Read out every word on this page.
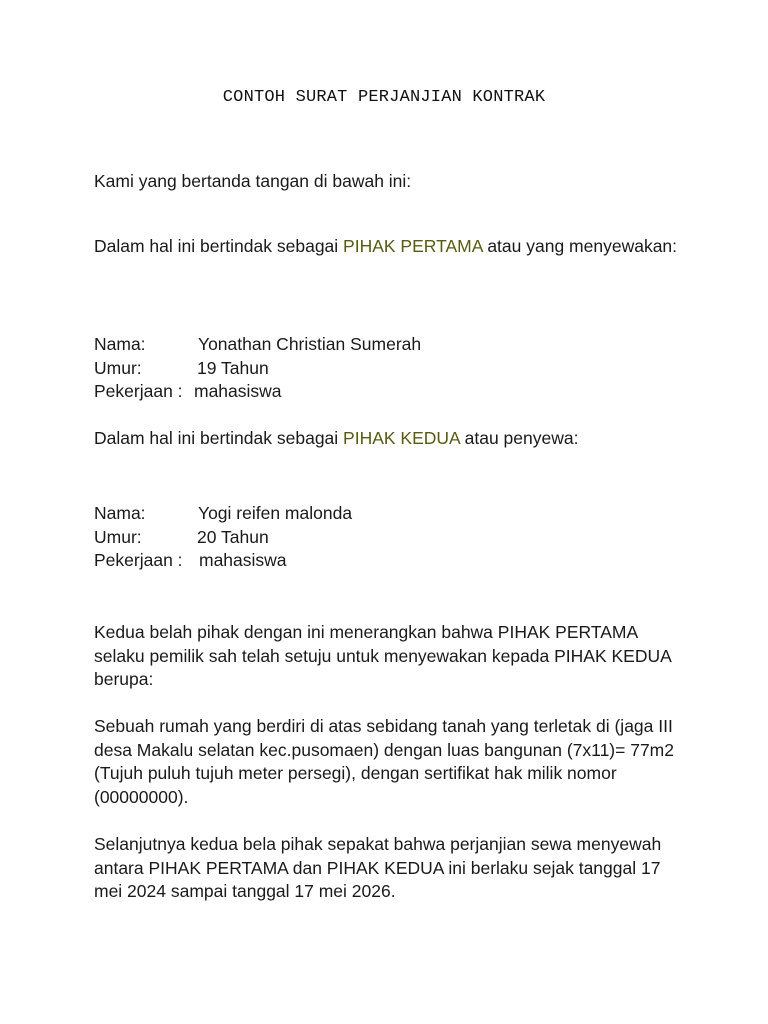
CONTOH SURAT PERJANJIAN KONTRAK
Kami yang bertanda tangan di bawah ini:
Dalam hal ini bertindak sebagai PIHAK PERTAMA atau yang menyewakan:
Nama:	Yonathan Christian Sumerah
Umur:	19 Tahun
Pekerjaan : mahasiswa
Dalam hal ini bertindak sebagai PIHAK KEDUA atau penyewa:
Nama:	Yogi reifen malonda
Umur:	20 Tahun
Pekerjaan : mahasiswa
Kedua belah pihak dengan ini menerangkan bahwa PIHAK PERTAMA selaku pemilik sah telah setuju untuk menyewakan kepada PIHAK KEDUA berupa:
Sebuah rumah yang berdiri di atas sebidang tanah yang terletak di (jaga III desa Makalu selatan kec.pusomaen) dengan luas bangunan (7x11)= 77m2 (Tujuh puluh tujuh meter persegi), dengan sertifikat hak milik nomor (00000000).
Selanjutnya kedua bela pihak sepakat bahwa perjanjian sewa menyewah antara PIHAK PERTAMA dan PIHAK KEDUA ini berlaku sejak tanggal 17 mei 2024 sampai tanggal 17 mei 2026.
